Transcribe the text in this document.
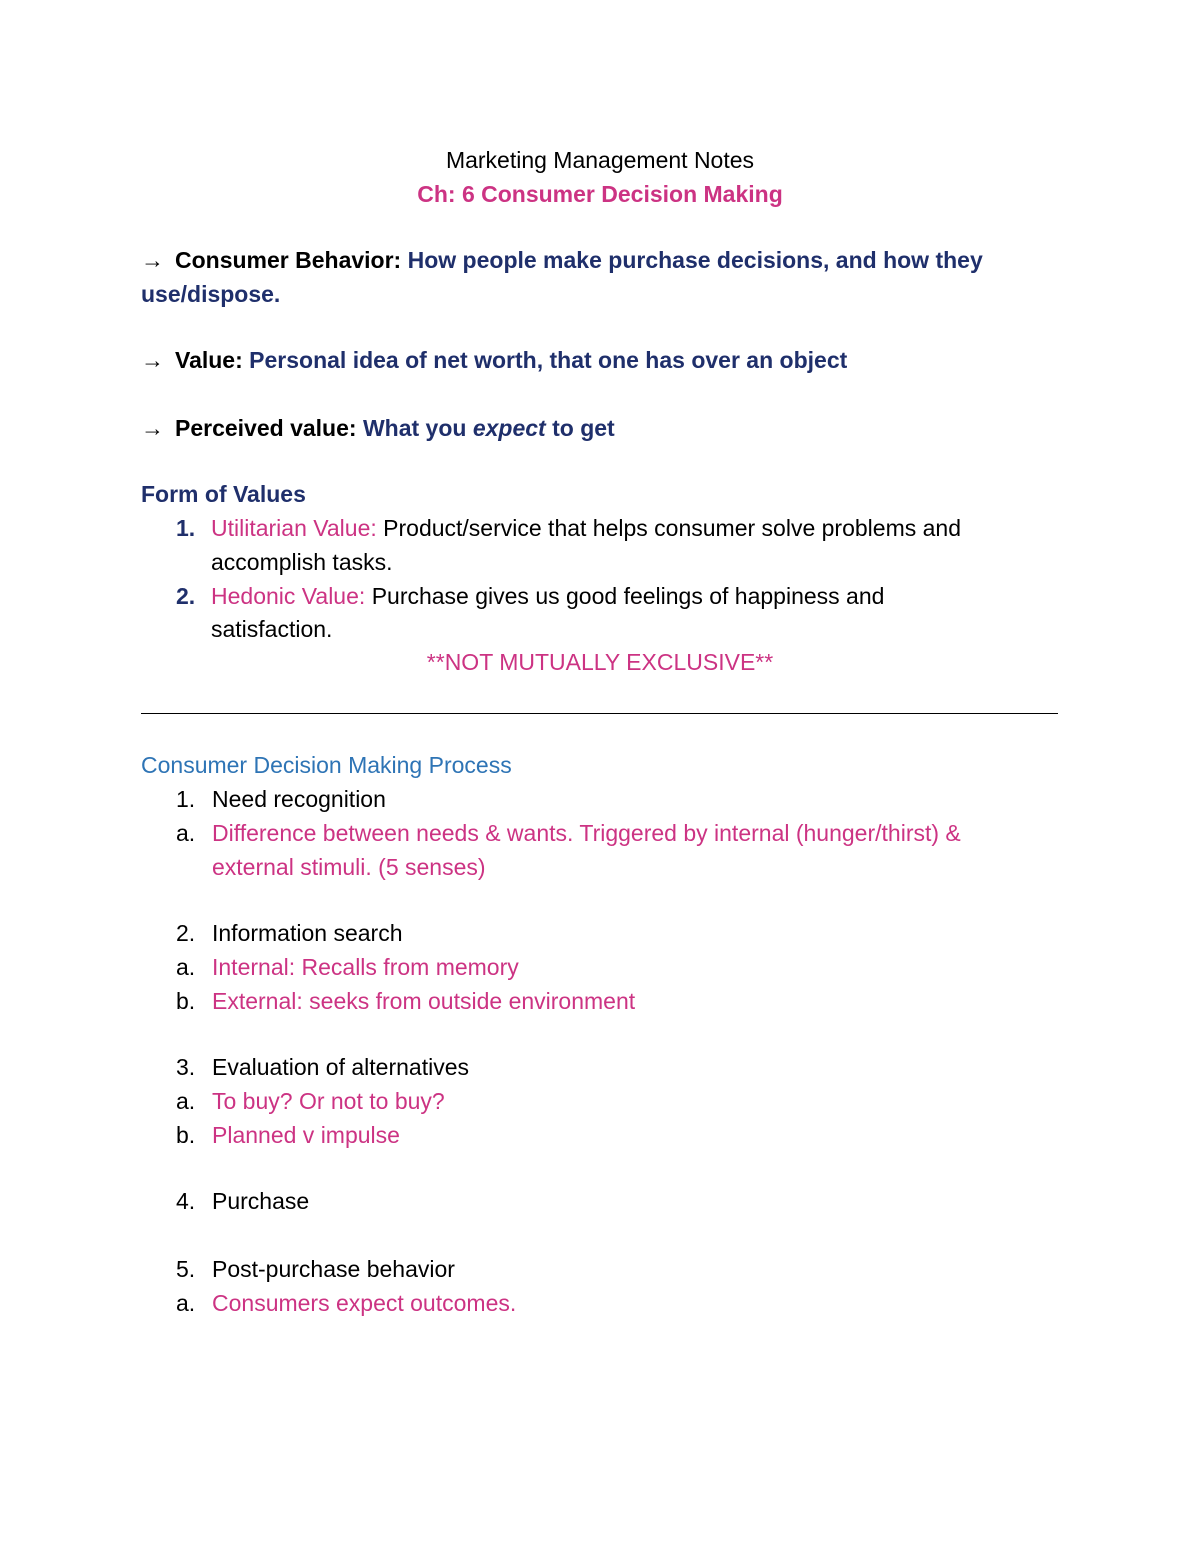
Marketing Management Notes
Ch: 6 Consumer Decision Making
→ Consumer Behavior: How people make purchase decisions, and how they
use/dispose.
→ Value: Personal idea of net worth, that one has over an object
→ Perceived value: What you expect to get
Form of Values
1. Utilitarian Value: Product/service that helps consumer solve problems and
accomplish tasks.
2. Hedonic Value: Purchase gives us good feelings of happiness and
satisfaction.
**NOT MUTUALLY EXCLUSIVE**
Consumer Decision Making Process
1. Need recognition
a. Difference between needs & wants. Triggered by internal (hunger/thirst) &
external stimuli. (5 senses)
2. Information search
a. Internal: Recalls from memory
b. External: seeks from outside environment
3. Evaluation of alternatives
a. To buy? Or not to buy?
b. Planned v impulse
4. Purchase
5. Post-purchase behavior
a. Consumers expect outcomes.
